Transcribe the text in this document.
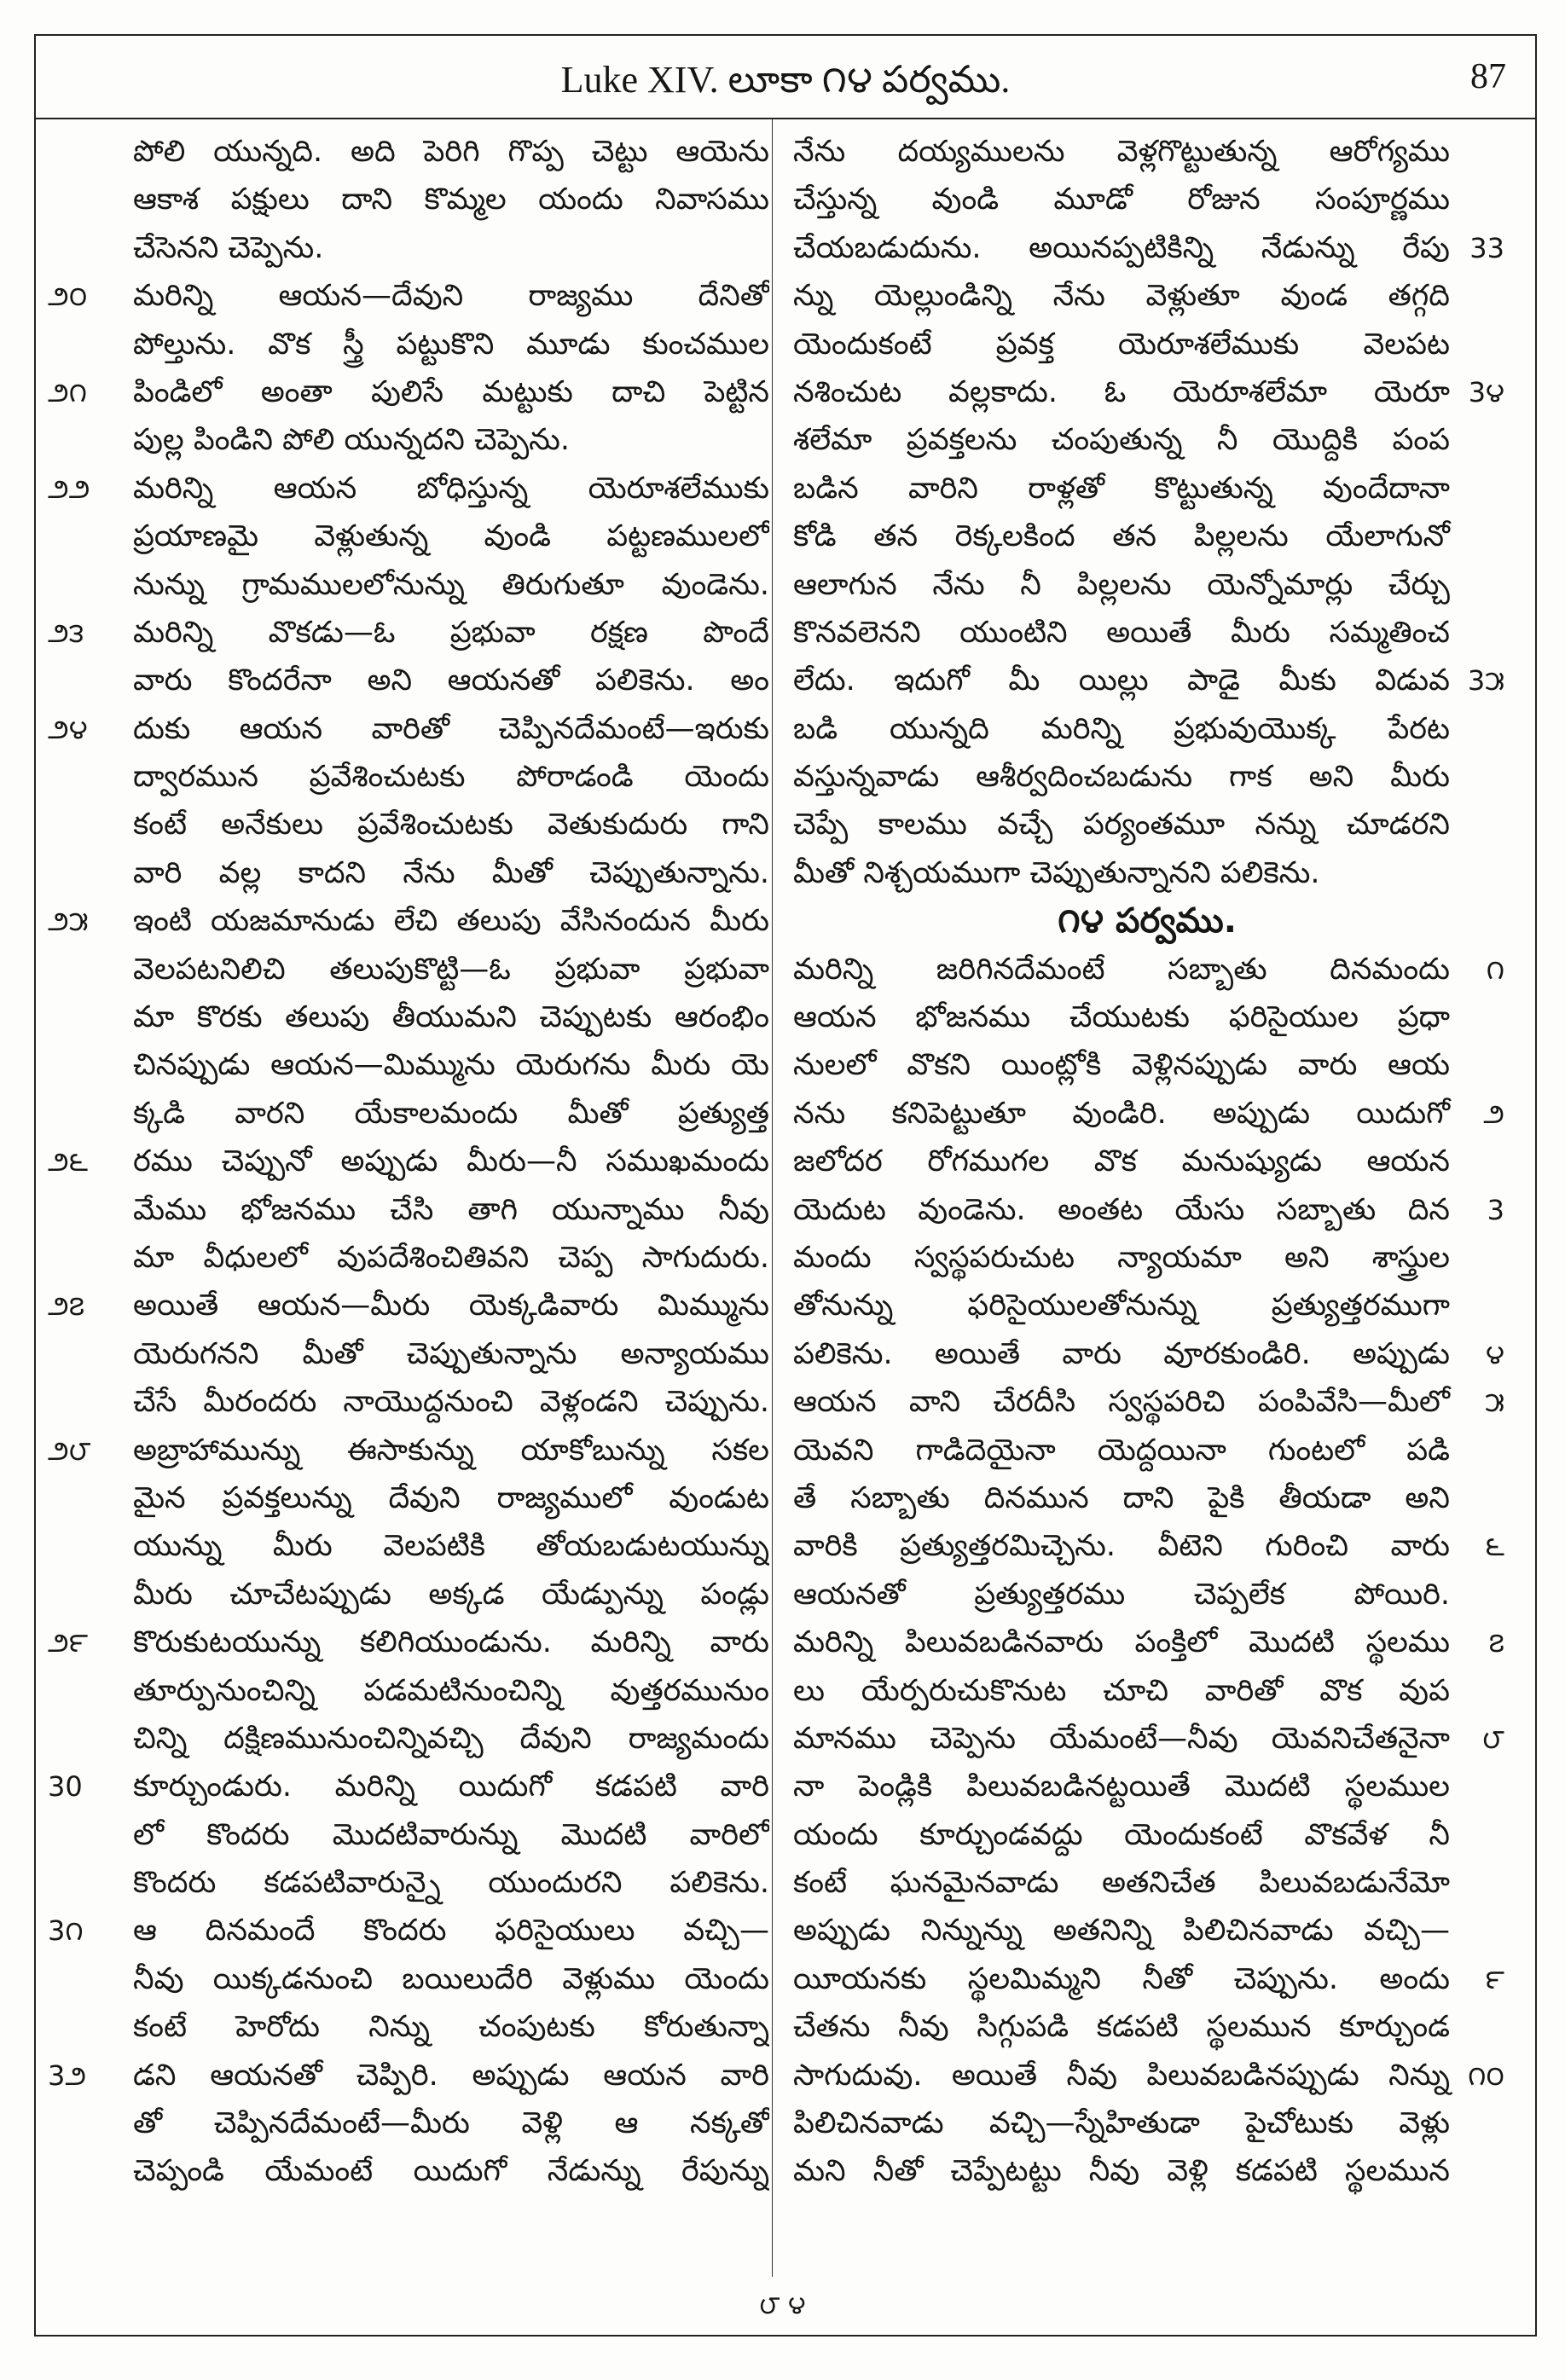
Luke XIV. లూకా ౧౪ పర్వము.	87
పోలి యున్నది. అది పెరిగి గొప్ప చెట్టు ఆయెను
ఆకాశ పక్షులు దాని కొమ్మల యందు నివాసము
చేసెనని చెప్పెను.
౨౦	మరిన్ని ఆయన—దేవుని రాజ్యము దేనితో
పోల్తును. వొక స్త్రీ పట్టుకొని మూడు కుంచముల
౨౧	పిండిలో అంతా పులిసే మట్టుకు దాచి పెట్టిన
పుల్ల పిండిని పోలి యున్నదని చెప్పెను.
౨౨	మరిన్ని ఆయన బోధిస్తున్న యెరూశలేముకు
ప్రయాణమై వెళ్లుతున్న వుండి పట్టణములలో
నున్ను గ్రామములలోనున్ను తిరుగుతూ వుండెను.
౨౩	మరిన్ని వొకడు—ఓ ప్రభువా రక్షణ పొందే
వారు కొందరేనా అని ఆయనతో పలికెను. అం
౨౪	దుకు ఆయన వారితో చెప్పినదేమంటే—ఇరుకు
ద్వారమున ప్రవేశించుటకు పోరాడండి యెందు
కంటే అనేకులు ప్రవేశించుటకు వెతుకుదురు గాని
వారి వల్ల కాదని నేను మీతో చెప్పుతున్నాను.
౨౫	ఇంటి యజమానుడు లేచి తలుపు వేసినందున మీరు
వెలపటనిలిచి తలుపుకొట్టి—ఓ ప్రభువా ప్రభువా
మా కొరకు తలుపు తీయుమని చెప్పుటకు ఆరంభిం
చినప్పుడు ఆయన—మిమ్మును యెరుగను మీరు యె
క్కడి వారని యేకాలమందు మీతో ప్రత్యుత్త
౨౬	రము చెప్పునో అప్పుడు మీరు—నీ సముఖమందు
మేము భోజనము చేసి తాగి యున్నాము నీవు
మా వీధులలో వుపదేశించితివని చెప్ప సాగుదురు.
౨౭	అయితే ఆయన—మీరు యెక్కడివారు మిమ్మును
యెరుగనని మీతో చెప్పుతున్నాను అన్యాయము
చేసే మీరందరు నాయొద్దనుంచి వెళ్లండని చెప్పును.
౨౮	అబ్రాహామున్ను ఈసాకున్ను యాకోబున్ను సకల
మైన ప్రవక్తలున్ను దేవుని రాజ్యములో వుండుట
యున్ను మీరు వెలపటికి తోయబడుటయున్ను
మీరు చూచేటప్పుడు అక్కడ యేడ్పున్ను పండ్లు
౨౯	కొరుకుటయున్ను కలిగియుండును. మరిన్ని వారు
తూర్పునుంచిన్ని పడమటినుంచిన్ని వుత్తరమునుం
చిన్ని దక్షిణమునుంచిన్నివచ్చి దేవుని రాజ్యమందు
30	కూర్చుండురు. మరిన్ని యిదుగో కడపటి వారి
లో కొందరు మొదటివారున్ను మొదటి వారిలో
కొందరు కడపటివారున్నై యుందురని పలికెను.
3౧	ఆ దినమందే కొందరు ఫరిసైయులు వచ్చి—
నీవు యిక్కడనుంచి బయిలుదేరి వెళ్లుము యెందు
కంటే హెరోదు నిన్ను చంపుటకు కోరుతున్నా
3౨	డని ఆయనతో చెప్పిరి. అప్పుడు ఆయన వారి
తో చెప్పినదేమంటే—మీరు వెళ్లి ఆ నక్కతో
చెప్పండి యేమంటే యిదుగో నేడున్ను రేపున్ను
నేను దయ్యములను వెళ్లగొట్టుతున్న ఆరోగ్యము
చేస్తున్న వుండి మూడో రోజున సంపూర్ణము
33
చేయబడుదును. అయినప్పటికిన్ని నేడున్ను రేపు
న్ను యెల్లుండిన్ని నేను వెళ్లుతూ వుండ తగ్గది
యెందుకంటే ప్రవక్త యెరూశలేముకు వెలపట
3౪
నశించుట వల్లకాదు. ఓ యెరూశలేమా యెరూ
శలేమా ప్రవక్తలను చంపుతున్న నీ యొద్దికి పంప
బడిన వారిని రాళ్లతో కొట్టుతున్న వుందేదానా
కోడి తన రెక్కలకింద తన పిల్లలను యేలాగునో
ఆలాగున నేను నీ పిల్లలను యెన్నోమార్లు చేర్చు
కొనవలెనని యుంటిని అయితే మీరు సమ్మతించ
3౫
లేదు. ఇదుగో మీ యిల్లు పాడై మీకు విడువ
బడి యున్నది మరిన్ని ప్రభువుయొక్క పేరట
వస్తున్నవాడు ఆశీర్వదించబడును గాక అని మీరు
చెప్పే కాలము వచ్చే పర్యంతమూ నన్ను చూడరని
మీతో నిశ్చయముగా చెప్పుతున్నానని పలికెను.
౧౪ పర్వము.
౧
మరిన్ని జరిగినదేమంటే సబ్బాతు దినమందు
ఆయన భోజనము చేయుటకు ఫరిసైయుల ప్రధా
నులలో వొకని యింట్లోకి వెళ్లినప్పుడు వారు ఆయ
౨
నను కనిపెట్టుతూ వుండిరి. అప్పుడు యిదుగో
జలోదర రోగముగల వొక మనుష్యుడు ఆయన
3
యెదుట వుండెను. అంతట యేసు సబ్బాతు దిన
మందు స్వస్థపరుచుట న్యాయమా అని శాస్త్రుల
తోనున్ను ఫరిసైయులతోనున్ను ప్రత్యుత్తరముగా
౪
పలికెను. అయితే వారు వూరకుండిరి. అప్పుడు
౫
ఆయన వాని చేరదీసి స్వస్థపరిచి పంపివేసి—మీలో
యెవని గాడిదెయైనా యెద్దయినా గుంటలో పడి
తే సబ్బాతు దినమున దాని పైకి తీయడా అని
౬
వారికి ప్రత్యుత్తరమిచ్చెను. వీటెని గురించి వారు
ఆయనతో ప్రత్యుత్తరము చెప్పలేక పోయిరి.
౭
మరిన్ని పిలువబడినవారు పంక్తిలో మొదటి స్థలము
లు యేర్పరుచుకొనుట చూచి వారితో వొక వుప
౮
మానము చెప్పెను యేమంటే—నీవు యెవనిచేతనైనా
నా పెండ్లికి పిలువబడినట్టయితే మొదటి స్థలముల
యందు కూర్చుండవద్దు యెందుకంటే వొకవేళ నీ
కంటే ఘనమైనవాడు అతనిచేత పిలువబడునేమో
అప్పుడు నిన్నున్ను అతనిన్ని పిలిచినవాడు వచ్చి—
౯
యీయనకు స్థలమిమ్మని నీతో చెప్పును. అందు
చేతను నీవు సిగ్గుపడి కడపటి స్థలమున కూర్చుండ
౧౦
సాగుదువు. అయితే నీవు పిలువబడినప్పుడు నిన్ను
పిలిచినవాడు వచ్చి—స్నేహితుడా పైచోటుకు వెళ్లు
మని నీతో చెప్పేటట్టు నీవు వెళ్లి కడపటి స్థలమున
౮ ౪
